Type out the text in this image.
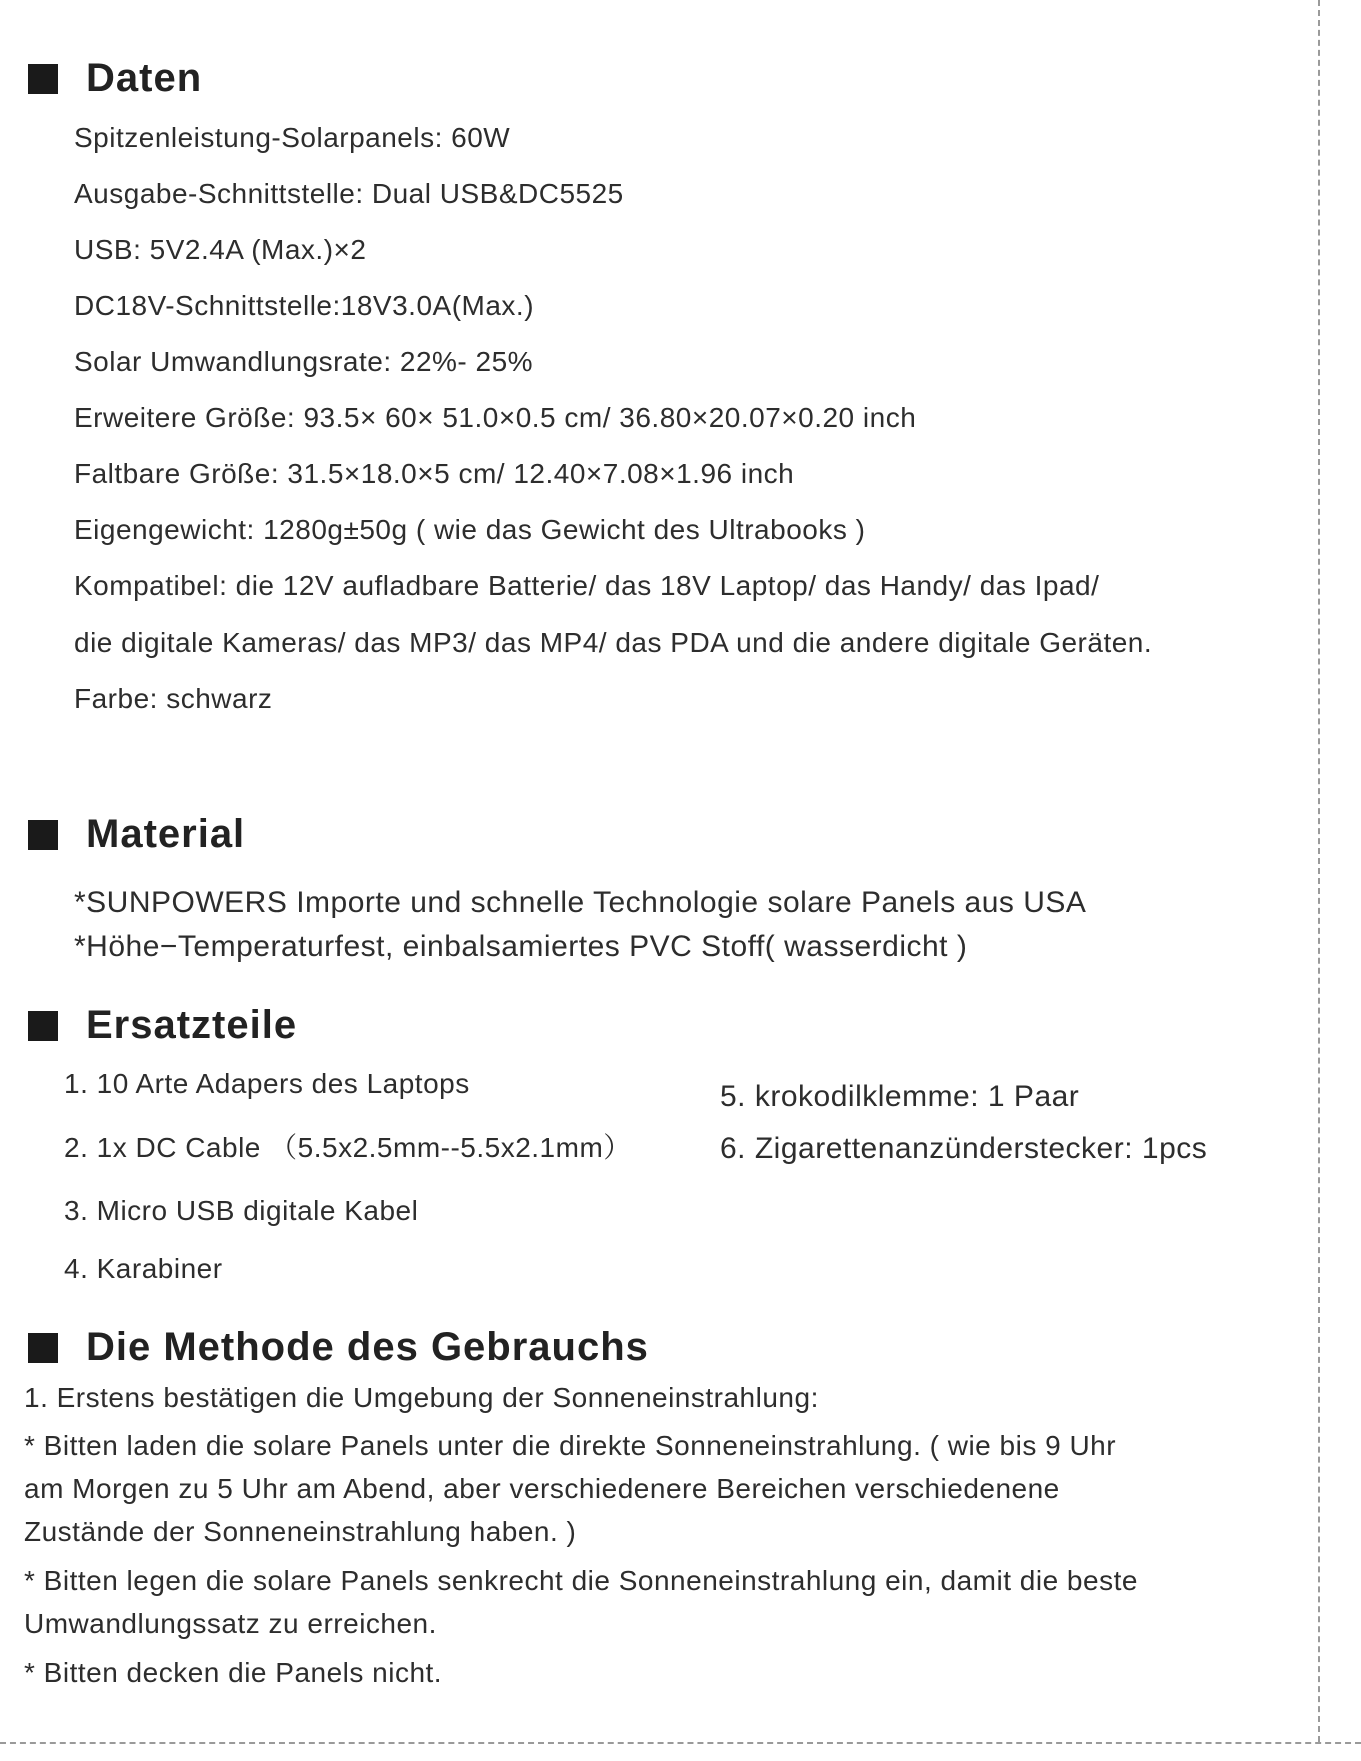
Daten
Spitzenleistung-Solarpanels: 60W
Ausgabe-Schnittstelle: Dual USB&DC5525
USB: 5V2.4A (Max.)×2
DC18V-Schnittstelle:18V3.0A(Max.)
Solar Umwandlungsrate: 22%- 25%
Erweitere Größe: 93.5× 60× 51.0×0.5 cm/ 36.80×20.07×0.20 inch
Faltbare Größe: 31.5×18.0×5 cm/ 12.40×7.08×1.96 inch
Eigengewicht: 1280g±50g ( wie das Gewicht des Ultrabooks )
Kompatibel: die 12V aufladbare Batterie/ das 18V Laptop/ das Handy/ das Ipad/
die digitale Kameras/ das MP3/ das MP4/ das PDA und die andere digitale Geräten.
Farbe: schwarz
Material
*SUNPOWERS Importe und schnelle Technologie solare Panels aus USA
*Höhe−Temperaturfest, einbalsamiertes PVC Stoff( wasserdicht )
Ersatzteile
1. 10 Arte Adapers des Laptops
2. 1x DC Cable （5.5x2.5mm--5.5x2.1mm）
3. Micro USB digitale Kabel
4. Karabiner
5. krokodilklemme: 1 Paar
6. Zigarettenanzünderstecker: 1pcs
Die Methode des Gebrauchs
1. Erstens bestätigen die Umgebung der Sonneneinstrahlung:
* Bitten laden die solare Panels unter die direkte Sonneneinstrahlung. ( wie bis 9 Uhr
am Morgen zu 5 Uhr am Abend, aber verschiedenere Bereichen verschiedenene
Zustände der Sonneneinstrahlung haben. )
* Bitten legen die solare Panels senkrecht die Sonneneinstrahlung ein, damit die beste
Umwandlungssatz zu erreichen.
* Bitten decken die Panels nicht.
